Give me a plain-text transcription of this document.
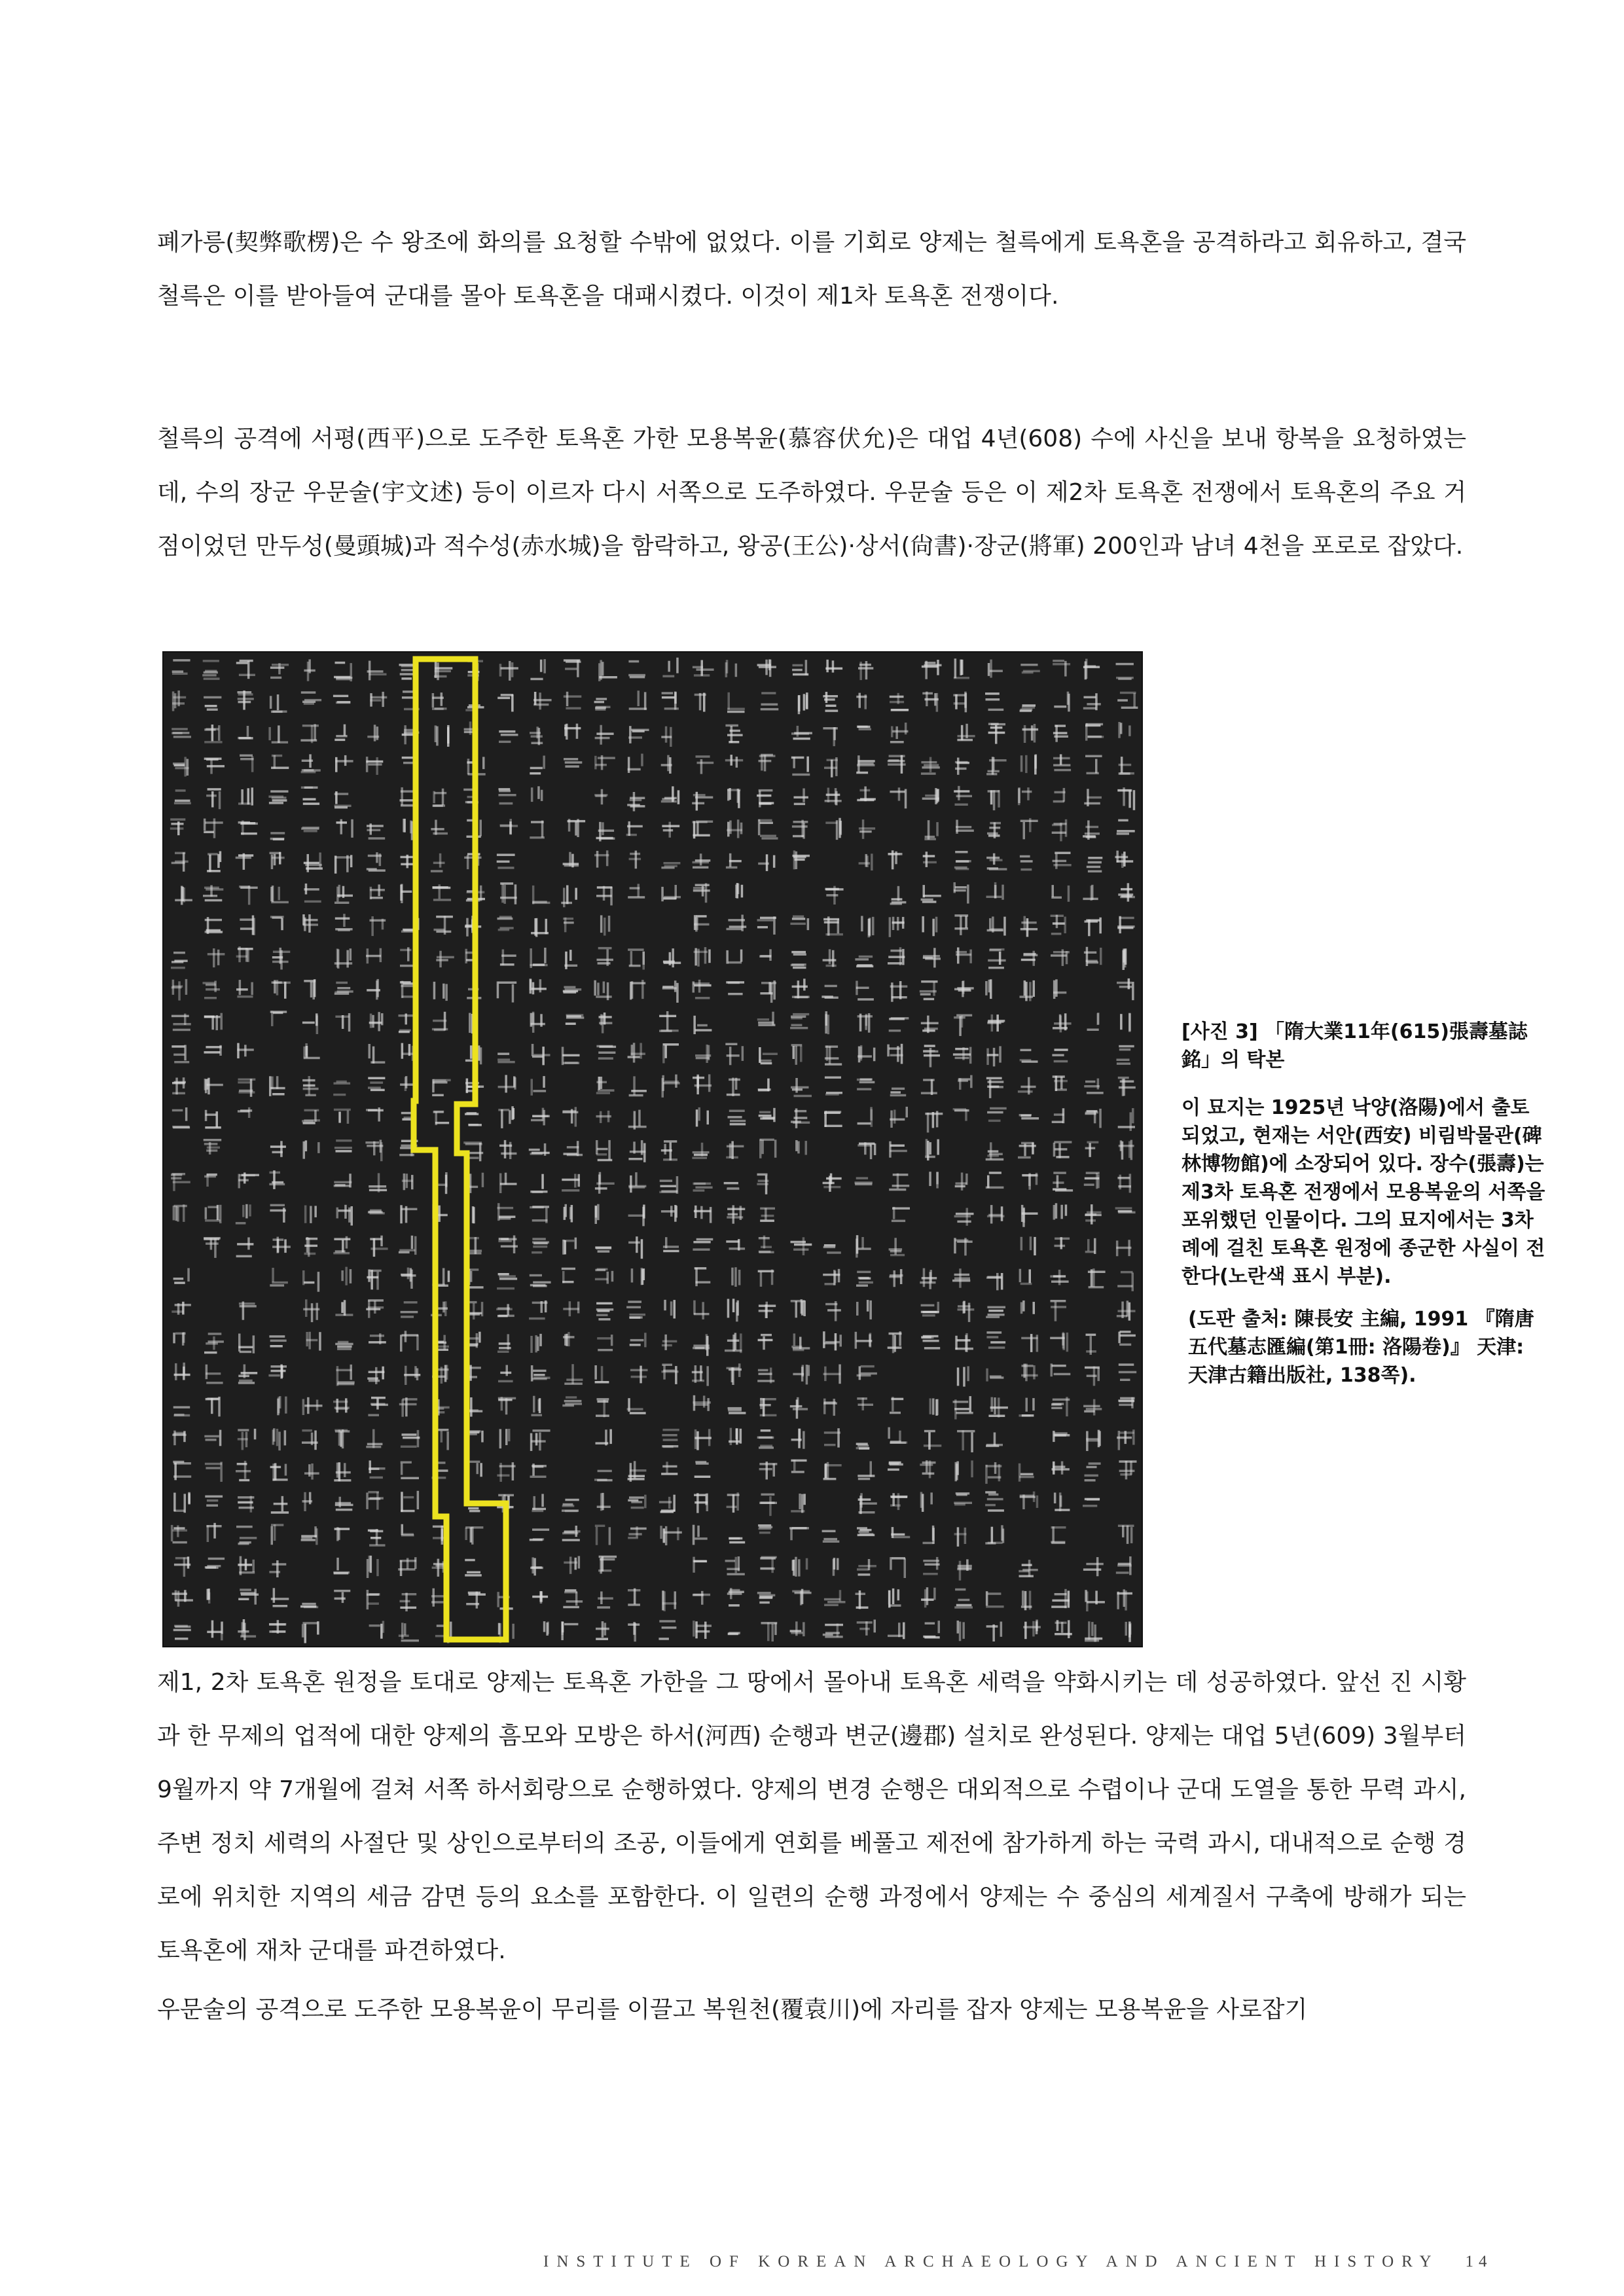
폐가릉(契弊歌楞)은 수 왕조에 화의를 요청할 수밖에 없었다. 이를 기회로 양제는 철륵에게 토욕혼을 공격하라고 회유하고, 결국 철륵은 이를 받아들여 군대를 몰아 토욕혼을 대패시켰다. 이것이 제1차 토욕혼 전쟁이다.

철륵의 공격에 서평(西平)으로 도주한 토욕혼 가한 모용복윤(慕容伏允)은 대업 4년(608) 수에 사신을 보내 항복을 요청하였는데, 수의 장군 우문술(宇文述) 등이 이르자 다시 서쪽으로 도주하였다. 우문술 등은 이 제2차 토욕혼 전쟁에서 토욕혼의 주요 거점이었던 만두성(曼頭城)과 적수성(赤水城)을 함락하고, 왕공(王公)·상서(尙書)·장군(將軍) 200인과 남녀 4천을 포로로 잡았다.

[사진 3] 「隋大業11年(615)張壽墓誌銘」의 탁본

이 묘지는 1925년 낙양(洛陽)에서 출토되었고, 현재는 서안(西安) 비림박물관(碑林博物館)에 소장되어 있다. 장수(張壽)는 제3차 토욕혼 전쟁에서 모용복윤의 서쪽을 포위했던 인물이다. 그의 묘지에서는 3차례에 걸친 토욕혼 원정에 종군한 사실이 전한다(노란색 표시 부분).

(도판 출처: 陳長安 主編, 1991 『隋唐五代墓志匯編(第1冊: 洛陽卷)』 天津: 天津古籍出版社, 138쪽).

제1, 2차 토욕혼 원정을 토대로 양제는 토욕혼 가한을 그 땅에서 몰아내 토욕혼 세력을 약화시키는 데 성공하였다. 앞선 진 시황과 한 무제의 업적에 대한 양제의 흠모와 모방은 하서(河西) 순행과 변군(邊郡) 설치로 완성된다. 양제는 대업 5년(609) 3월부터 9월까지 약 7개월에 걸쳐 서쪽 하서회랑으로 순행하였다. 양제의 변경 순행은 대외적으로 수렵이나 군대 도열을 통한 무력 과시, 주변 정치 세력의 사절단 및 상인으로부터의 조공, 이들에게 연회를 베풀고 제전에 참가하게 하는 국력 과시, 대내적으로 순행 경로에 위치한 지역의 세금 감면 등의 요소를 포함한다. 이 일련의 순행 과정에서 양제는 수 중심의 세계질서 구축에 방해가 되는 토욕혼에 재차 군대를 파견하였다.

우문술의 공격으로 도주한 모용복윤이 무리를 이끌고 복원천(覆袁川)에 자리를 잡자 양제는 모용복윤을 사로잡기

INSTITUTE OF KOREAN ARCHAEOLOGY AND ANCIENT HISTORY 14
